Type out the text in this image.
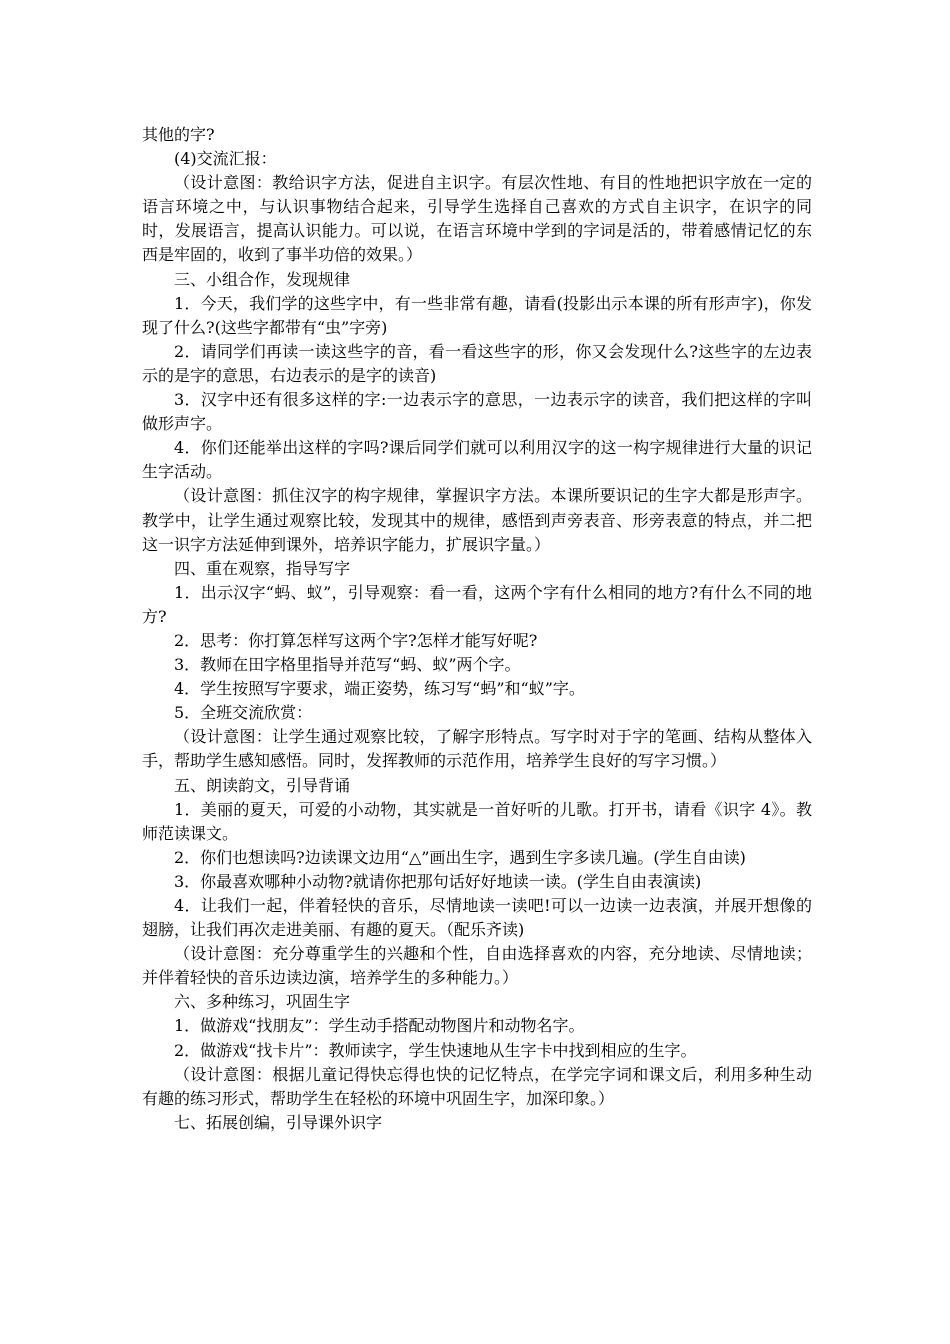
其他的字?

(4)交流汇报：

（设计意图：教给识字方法，促进自主识字。有层次性地、有目的性地把识字放在一定的语言环境之中，与认识事物结合起来，引导学生选择自己喜欢的方式自主识字，在识字的同时，发展语言，提高认识能力。可以说，在语言环境中学到的字词是活的，带着感情记忆的东西是牢固的，收到了事半功倍的效果。）

三、小组合作，发现规律

1．今天，我们学的这些字中，有一些非常有趣，请看(投影出示本课的所有形声字)，你发现了什么?(这些字都带有“虫”字旁)

2．请同学们再读一读这些字的音，看一看这些字的形，你又会发现什么?这些字的左边表示的是字的意思，右边表示的是字的读音)

3．汉字中还有很多这样的字:一边表示字的意思，一边表示字的读音，我们把这样的字叫做形声字。

4．你们还能举出这样的字吗?课后同学们就可以利用汉字的这一构字规律进行大量的识记生字活动。

（设计意图：抓住汉字的构字规律，掌握识字方法。本课所要识记的生字大都是形声字。教学中，让学生通过观察比较，发现其中的规律，感悟到声旁表音、形旁表意的特点，并二把这一识字方法延伸到课外，培养识字能力，扩展识字量。）

四、重在观察，指导写字

1．出示汉字“蚂、蚁”，引导观察：看一看，这两个字有什么相同的地方?有什么不同的地方?

2．思考：你打算怎样写这两个字?怎样才能写好呢?

3．教师在田字格里指导并范写“蚂、蚁”两个字。

4．学生按照写字要求，端正姿势，练习写“蚂”和“蚁”字。

5．全班交流欣赏：

（设计意图：让学生通过观察比较，了解字形特点。写字时对于字的笔画、结构从整体入手，帮助学生感知感悟。同时，发挥教师的示范作用，培养学生良好的写字习惯。）

五、朗读韵文，引导背诵

1．美丽的夏天，可爱的小动物，其实就是一首好听的儿歌。打开书，请看《识字 4》。教师范读课文。

2．你们也想读吗?边读课文边用“△”画出生字，遇到生字多读几遍。(学生自由读)

3．你最喜欢哪种小动物?就请你把那句话好好地读一读。(学生自由表演读)

4．让我们一起，伴着轻快的音乐，尽情地读一读吧!可以一边读一边表演，并展开想像的翅膀，让我们再次走进美丽、有趣的夏天。（配乐齐读)

（设计意图：充分尊重学生的兴趣和个性，自由选择喜欢的内容，充分地读、尽情地读；并伴着轻快的音乐边读边演，培养学生的多种能力。）

六、多种练习，巩固生字

1．做游戏“找朋友”：学生动手搭配动物图片和动物名字。

2．做游戏“找卡片”：教师读字，学生快速地从生字卡中找到相应的生字。

（设计意图：根据儿童记得快忘得也快的记忆特点，在学完字词和课文后，利用多种生动有趣的练习形式，帮助学生在轻松的环境中巩固生字，加深印象。）

七、拓展创编，引导课外识字
